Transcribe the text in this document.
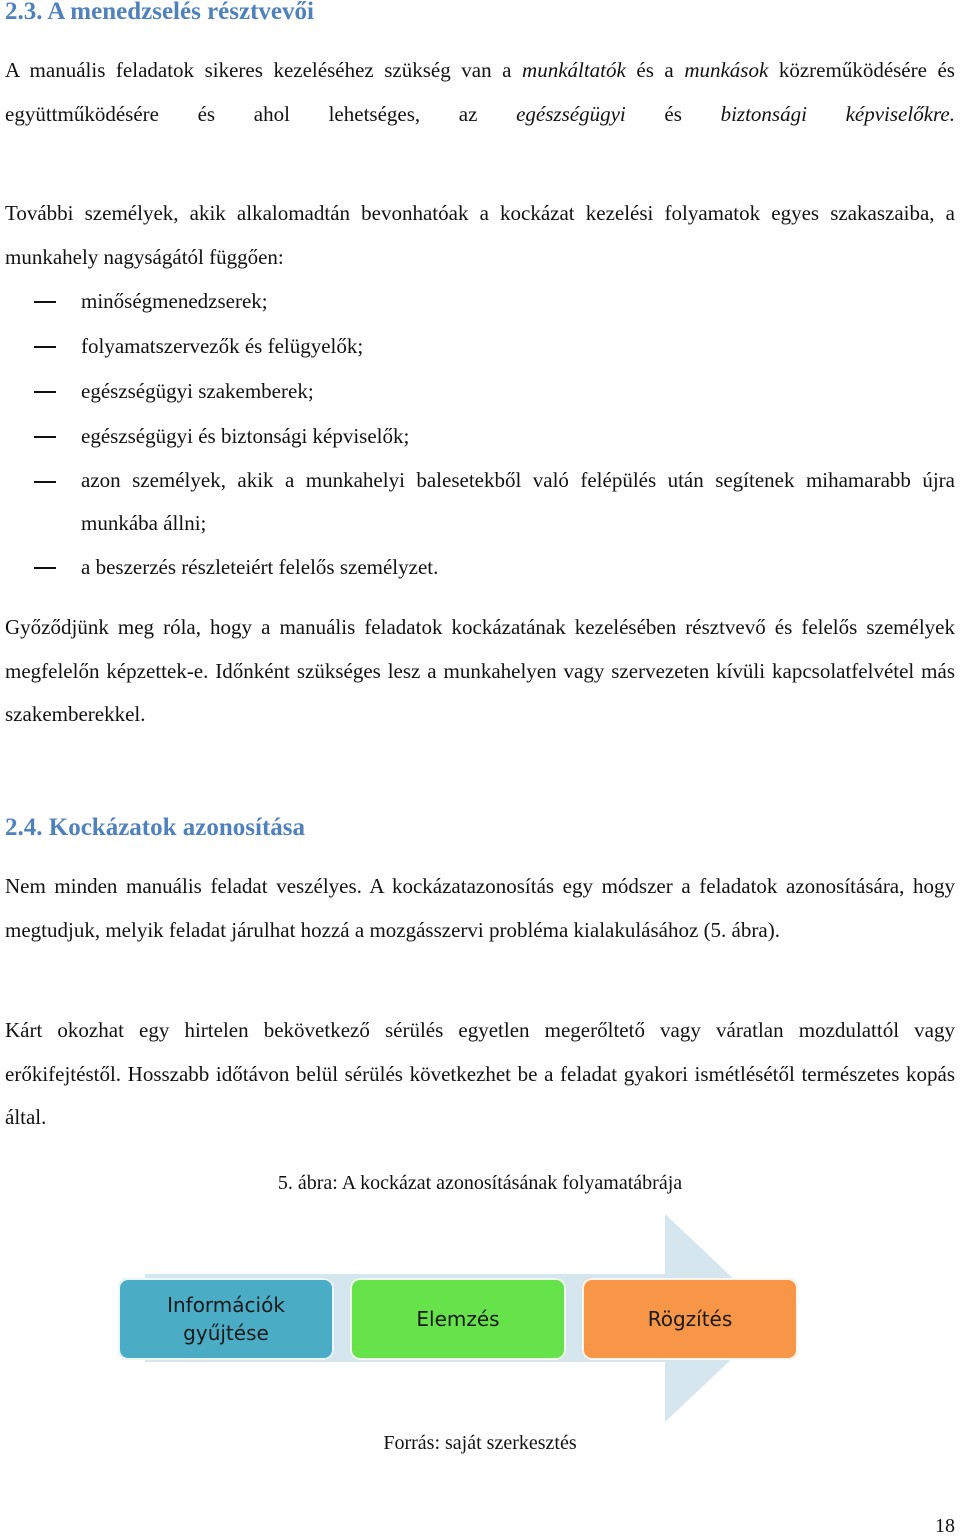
2.3. A menedzselés résztvevői

A manuális feladatok sikeres kezeléséhez szükség van a munkáltatók és a munkások közreműködésére és együttműködésére és ahol lehetséges, az egészségügyi és biztonsági képviselőkre.

További személyek, akik alkalomadtán bevonhatóak a kockázat kezelési folyamatok egyes szakaszaiba, a munkahely nagyságától függően:

minőségmenedzserek;
folyamatszervezők és felügyelők;
egészségügyi szakemberek;
egészségügyi és biztonsági képviselők;
azon személyek, akik a munkahelyi balesetekből való felépülés után segítenek mihamarabb újra munkába állni;
a beszerzés részleteiért felelős személyzet.

Győződjünk meg róla, hogy a manuális feladatok kockázatának kezelésében résztvevő és felelős személyek megfelelőn képzettek-e. Időnként szükséges lesz a munkahelyen vagy szervezeten kívüli kapcsolatfelvétel más szakemberekkel.

2.4. Kockázatok azonosítása

Nem minden manuális feladat veszélyes. A kockázatazonosítás egy módszer a feladatok azonosítására, hogy megtudjuk, melyik feladat járulhat hozzá a mozgásszervi probléma kialakulásához (5. ábra).

Kárt okozhat egy hirtelen bekövetkező sérülés egyetlen megerőltető vagy váratlan mozdulattól vagy erőkifejtéstől. Hosszabb időtávon belül sérülés következhet be a feladat gyakori ismétlésétől természetes kopás által.

5. ábra: A kockázat azonosításának folyamatábrája

Információk
gyűjtése
Elemzés	Rögzítés

Forrás: saját szerkesztés

18
